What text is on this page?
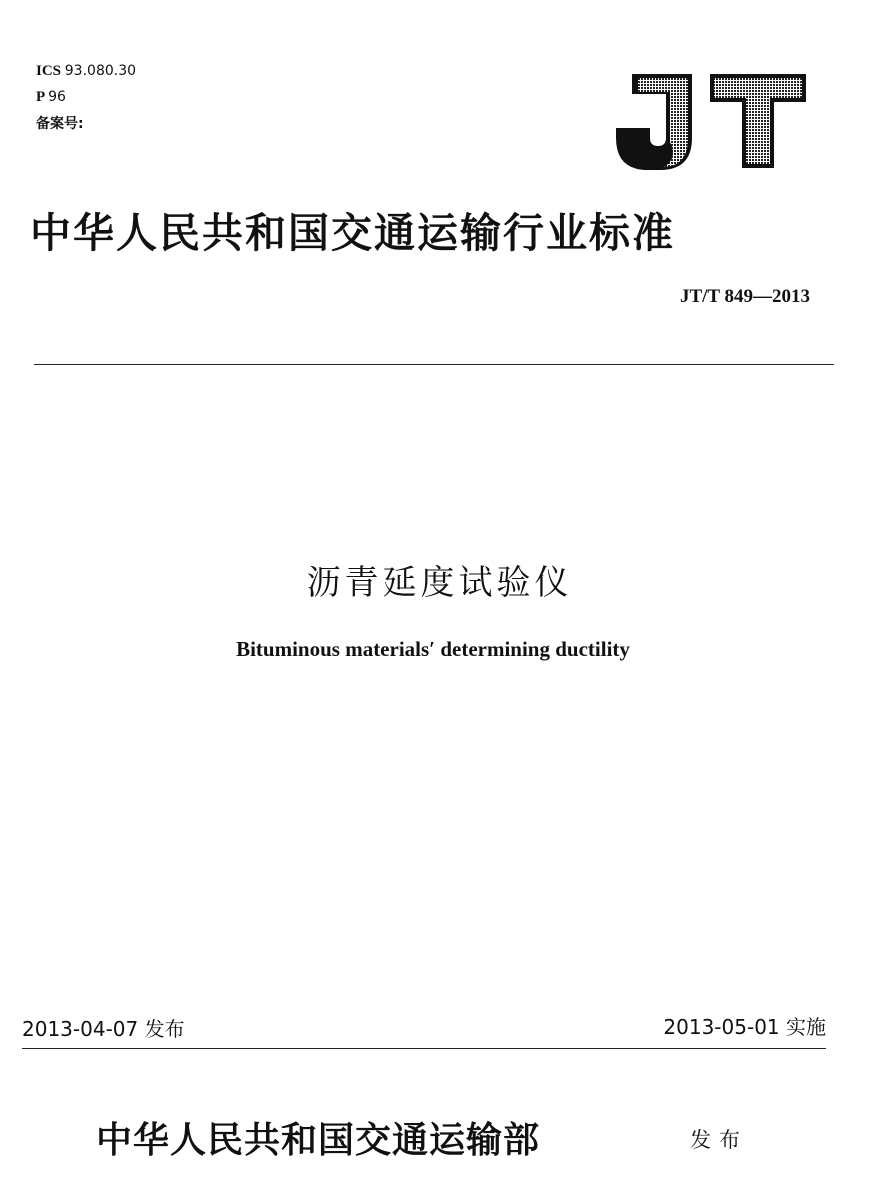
ICS 93.080.30
P 96
备案号:
中华人民共和国交通运输行业标准
JT/T 849—2013
沥青延度试验仪
Bituminous materials′ determining ductility
2013-04-07 发布	2013-05-01 实施
中华人民共和国交通运输部	发布
